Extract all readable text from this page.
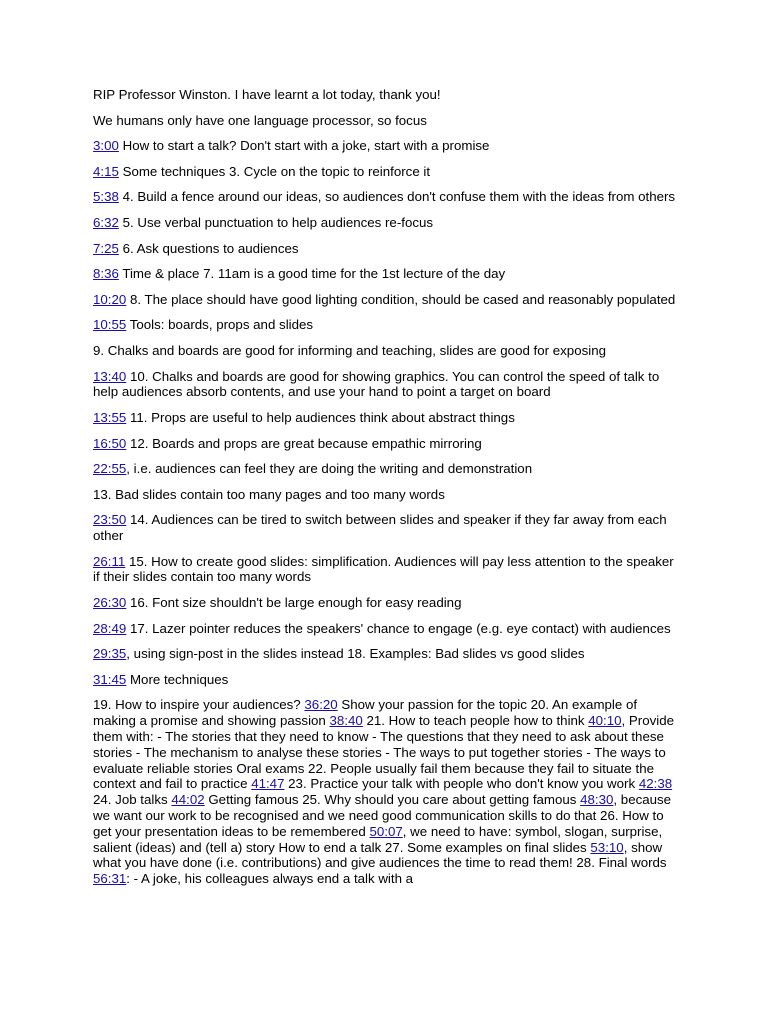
RIP Professor Winston. I have learnt a lot today, thank you!

We humans only have one language processor, so focus

3:00 How to start a talk? Don't start with a joke, start with a promise

4:15 Some techniques 3. Cycle on the topic to reinforce it

5:38 4. Build a fence around our ideas, so audiences don't confuse them with the ideas from others

6:32 5. Use verbal punctuation to help audiences re-focus

7:25 6. Ask questions to audiences

8:36 Time & place 7. 11am is a good time for the 1st lecture of the day

10:20 8. The place should have good lighting condition, should be cased and reasonably populated

10:55 Tools: boards, props and slides

9. Chalks and boards are good for informing and teaching, slides are good for exposing

13:40 10. Chalks and boards are good for showing graphics. You can control the speed of talk to help audiences absorb contents, and use your hand to point a target on board

13:55 11. Props are useful to help audiences think about abstract things

16:50 12. Boards and props are great because empathic mirroring

22:55, i.e. audiences can feel they are doing the writing and demonstration

13. Bad slides contain too many pages and too many words

23:50 14. Audiences can be tired to switch between slides and speaker if they far away from each other

26:11 15. How to create good slides: simplification. Audiences will pay less attention to the speaker if their slides contain too many words

26:30 16. Font size shouldn't be large enough for easy reading

28:49 17. Lazer pointer reduces the speakers' chance to engage (e.g. eye contact) with audiences

29:35, using sign-post in the slides instead 18. Examples: Bad slides vs good slides

31:45 More techniques

19. How to inspire your audiences? 36:20 Show your passion for the topic 20. An example of making a promise and showing passion 38:40 21. How to teach people how to think 40:10, Provide them with: - The stories that they need to know - The questions that they need to ask about these stories - The mechanism to analyse these stories - The ways to put together stories - The ways to evaluate reliable stories Oral exams 22. People usually fail them because they fail to situate the context and fail to practice 41:47 23. Practice your talk with people who don't know you work 42:38 24. Job talks 44:02 Getting famous 25. Why should you care about getting famous 48:30, because we want our work to be recognised and we need good communication skills to do that 26. How to get your presentation ideas to be remembered 50:07, we need to have: symbol, slogan, surprise, salient (ideas) and (tell a) story How to end a talk 27. Some examples on final slides 53:10, show what you have done (i.e. contributions) and give audiences the time to read them! 28. Final words 56:31: - A joke, his colleagues always end a talk with a
